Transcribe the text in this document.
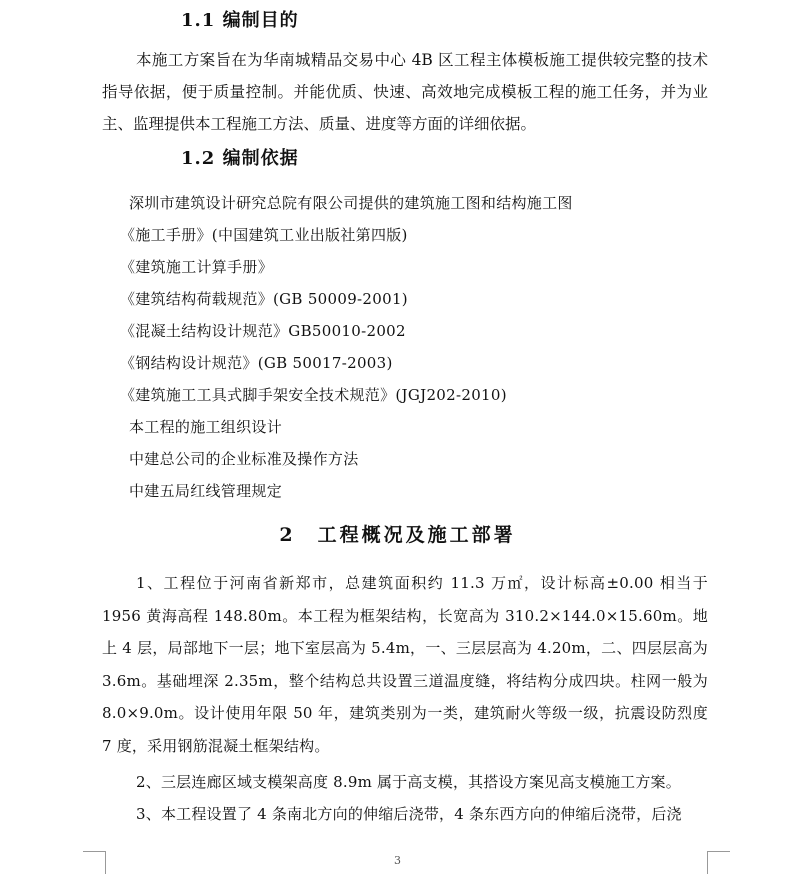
1.1 编制目的
本施工方案旨在为华南城精品交易中心 4B 区工程主体模板施工提供较完整的技术指导依据，便于质量控制。并能优质、快速、高效地完成模板工程的施工任务，并为业主、监理提供本工程施工方法、质量、进度等方面的详细依据。
1.2 编制依据
深圳市建筑设计研究总院有限公司提供的建筑施工图和结构施工图
《施工手册》(中国建筑工业出版社第四版)
《建筑施工计算手册》
《建筑结构荷载规范》(GB 50009-2001)
《混凝土结构设计规范》GB50010-2002
《钢结构设计规范》(GB 50017-2003)
《建筑施工工具式脚手架安全技术规范》(JGJ202-2010)
本工程的施工组织设计
中建总公司的企业标准及操作方法
中建五局红线管理规定
2　工程概况及施工部署
1、工程位于河南省新郑市，总建筑面积约 11.3 万㎡，设计标高±0.00 相当于 1956 黄海高程 148.80m。本工程为框架结构，长宽高为 310.2×144.0×15.60m。地上 4 层，局部地下一层；地下室层高为 5.4m，一、三层层高为 4.20m，二、四层层高为 3.6m。基础埋深 2.35m，整个结构总共设置三道温度缝，将结构分成四块。柱网一般为 8.0×9.0m。设计使用年限 50 年，建筑类别为一类，建筑耐火等级一级，抗震设防烈度 7 度，采用钢筋混凝土框架结构。
2、三层连廊区域支模架高度 8.9m 属于高支模，其搭设方案见高支模施工方案。
3、本工程设置了 4 条南北方向的伸缩后浇带，4 条东西方向的伸缩后浇带，后浇
3
